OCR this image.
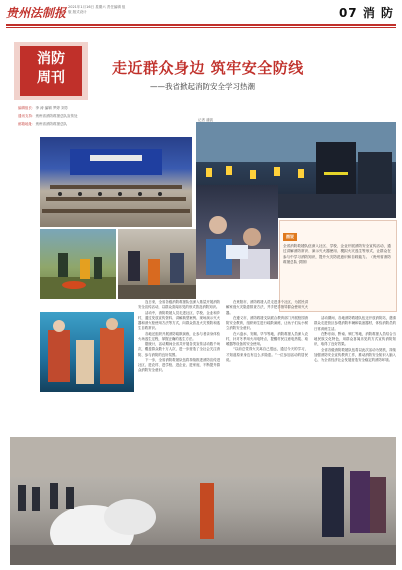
贵州法制报 2021年1月16日 星期六 责任编辑 组版 版式设计	07 消 防
消防
周刊
编辑组长：李 涛 编辑 罗婷 刘芳
通讯支持：贵州省消防救援总队宣传处
邮箱地址：贵州省消防救援总队
走近群众身边 筑牢安全防线
——我省掀起消防安全学习热潮
记者 潘凯
图说
全省消防救援队伍深入社区、学校、企业开展消防安全宣传活动，通过讲解消防常识、演示灭火器使用、模拟火灾逃生等形式，让群众在参与中学习消防知识，提升火灾防范意识和自救能力。（贵州省消防救援总队 供图）

连日来，全省各级消防救援队伍深入基层开展消防安全宣传活动，以群众喜闻乐见的形式普及消防知识。

活动中，消防救援人员走进社区、学校、企业和乡村，通过发放宣传资料、讲解典型案例、现场演示灭火器和消火栓使用方法等方式，向群众普及火灾预防和逃生自救常识。

各地还组织开展消防疏散演练，让参与者亲身体验火场逃生过程，掌握正确的逃生方法。

据统计，活动期间全省共开展各类宣传活动数千场次，覆盖群众数十万人次，进一步营造了全社会关注消防、参与消防的良好氛围。

下一步，全省消防救援队伍将持续推进消防宣传进社区、进农村、进学校、进企业、进家庭，不断提升群众消防安全意识。

在贵阳市，消防救援人员走进多个社区，为居民讲解家庭火灾隐患排查方法，并手把手指导群众使用灭火器。

在遵义市，消防救援支队联合教育部门开展校园消防安全教育，组织师生进行疏散演练，让孩子们从小树立消防安全意识。

在六盘水、安顺、毕节等地，消防救援人员深入农村，针对冬季用火用电特点，提醒村民注意电热毯、取暖器等设备的安全使用。

“以前总觉得火灾离自己很远，通过今天的学习，才知道原来身边有这么多隐患。”一位参加活动的居民说。

活动期间，各地消防救援队伍还开放消防站，邀请群众走进营区参观消防车辆和装备器材，体验消防员的日常训练生活。

在黔东南、黔南、铜仁等地，消防救援人员结合当地民族文化特色，用群众喜闻乐见的方式宣传消防知识，取得了良好效果。

全省各级消防救援队伍将以此次活动为契机，持续加强消防安全宣传教育工作，推动消防安全知识入脑入心，为全省经济社会发展营造安全稳定的消防环境。
